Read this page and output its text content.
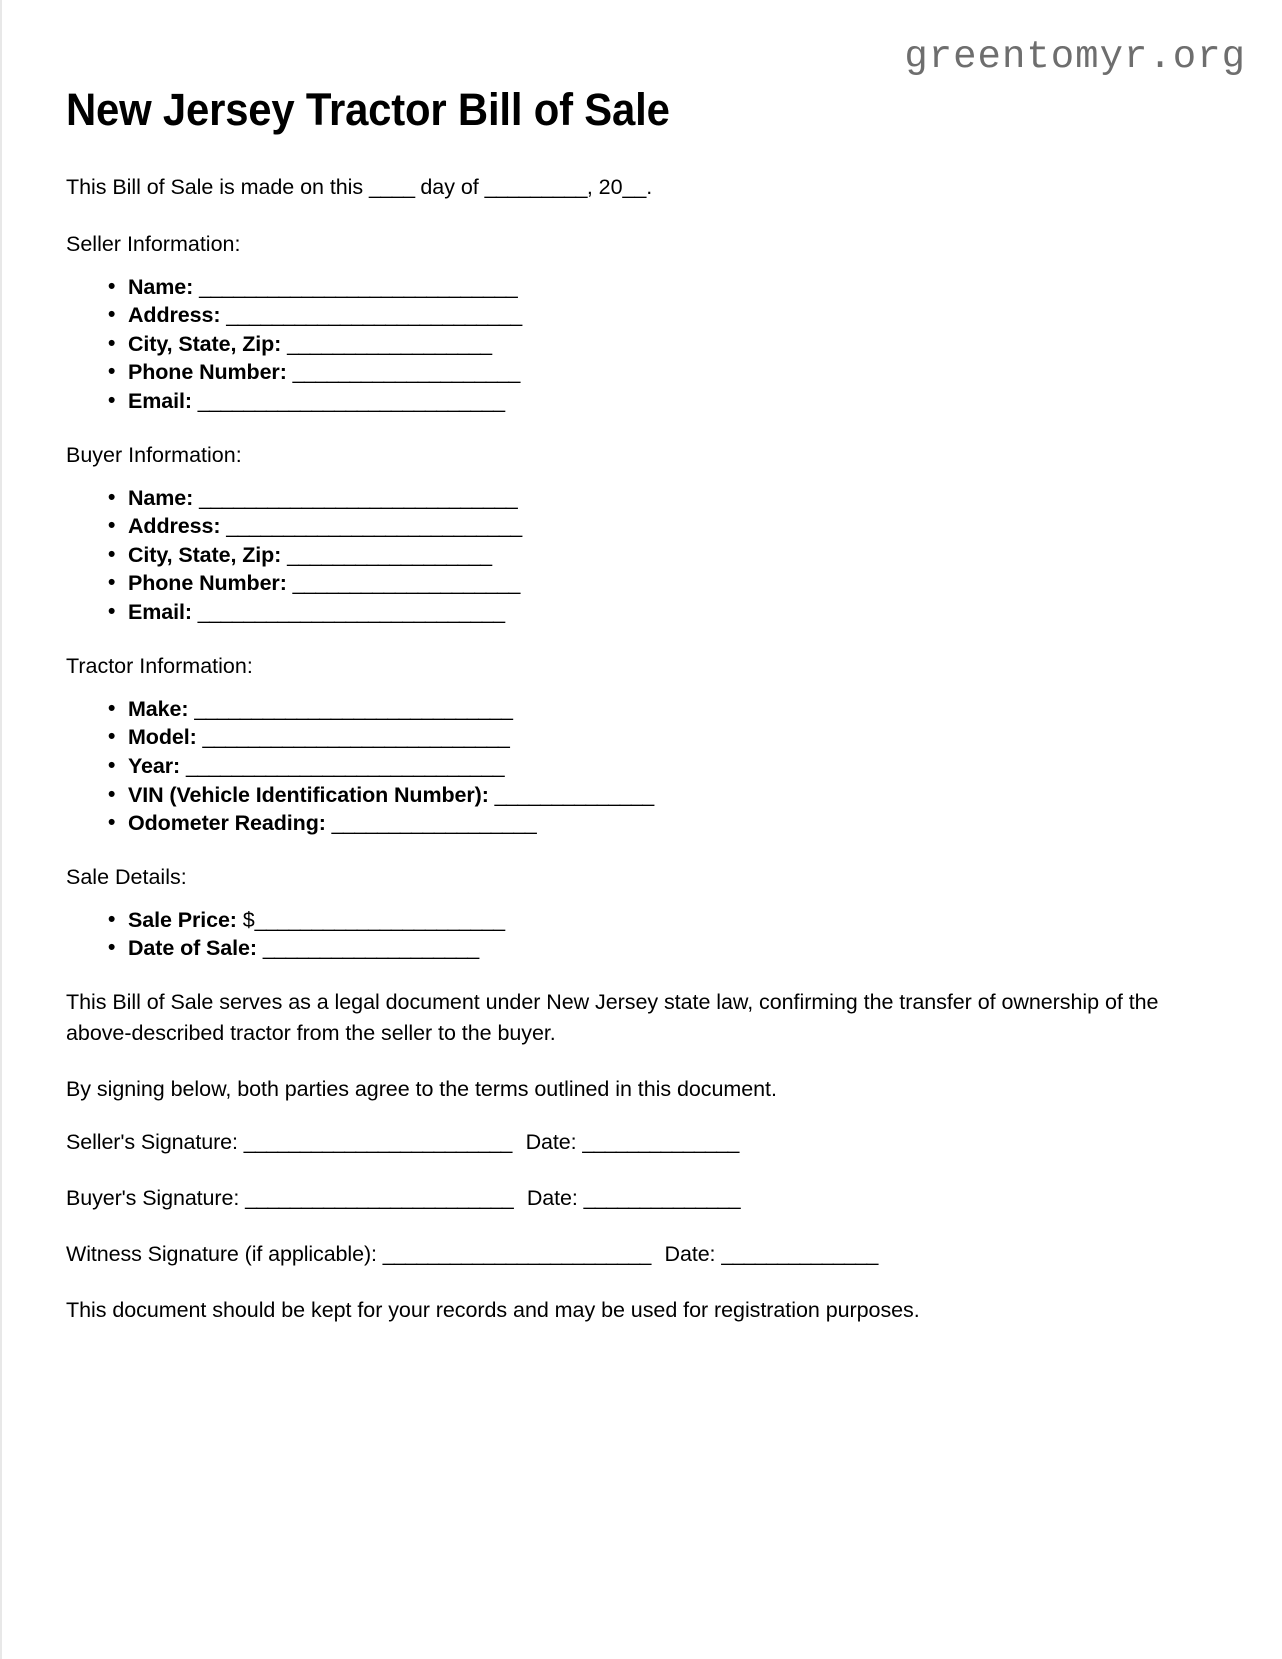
greentomyr.org
New Jersey Tractor Bill of Sale

This Bill of Sale is made on this ____ day of _________, 20__.

Seller Information:

• Name: ____________________________
• Address: __________________________
• City, State, Zip: __________________
• Phone Number: ____________________
• Email: ___________________________

Buyer Information:

• Name: ____________________________
• Address: __________________________
• City, State, Zip: __________________
• Phone Number: ____________________
• Email: ___________________________

Tractor Information:

• Make: ____________________________
• Model: ___________________________
• Year: ____________________________
• VIN (Vehicle Identification Number): ______________
• Odometer Reading: __________________

Sale Details:

• Sale Price: $______________________
• Date of Sale: ___________________

This Bill of Sale serves as a legal document under New Jersey state law, confirming the transfer of ownership of the above-described tractor from the seller to the buyer.

By signing below, both parties agree to the terms outlined in this document.

Seller's Signature: ________________________ Date: ______________

Buyer's Signature: ________________________ Date: ______________

Witness Signature (if applicable): ________________________ Date: ______________

This document should be kept for your records and may be used for registration purposes.
